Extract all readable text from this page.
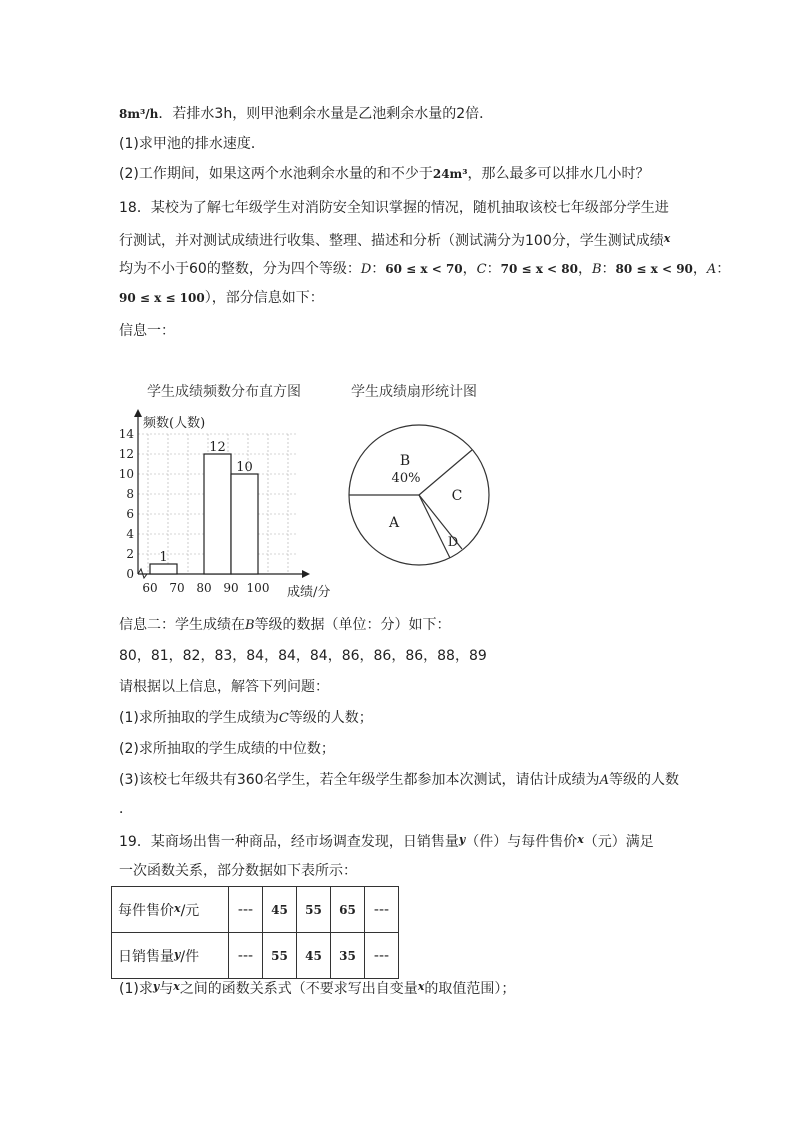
8m³/h．若排水3h，则甲池剩余水量是乙池剩余水量的2倍．
(1)求甲池的排水速度．
(2)工作期间，如果这两个水池剩余水量的和不少于24m³，那么最多可以排水几小时？
18．某校为了解七年级学生对消防安全知识掌握的情况，随机抽取该校七年级部分学生进
行测试，并对测试成绩进行收集、整理、描述和分析（测试满分为100分，学生测试成绩$^x$
均为不小于60的整数，分为四个等级：D：60 ≤ x < 70，C：70 ≤ x < 80，B：80 ≤ x < 90，A：
90 ≤ x ≤ 100），部分信息如下：
信息一：
学生成绩频数分布直方图	学生成绩扇形统计图
0
2
4
6
8
10
12
14
60 70 80 90 100
频数(人数)
成绩/分
1
12
10	B
40%
C
D
A
信息二：学生成绩在B等级的数据（单位：分）如下：
80，81，82，83，84，84，84，86，86，86，88，89
请根据以上信息，解答下列问题：
(1)求所抽取的学生成绩为C等级的人数；
(2)求所抽取的学生成绩的中位数；
(3)该校七年级共有360名学生，若全年级学生都参加本次测试，请估计成绩为A等级的人数
．
19．某商场出售一种商品，经市场调查发现，日销售量$^y$（件）与每件售价$^x$（元）满足
一次函数关系，部分数据如下表所示：
每件售价$^x$/元	---	45	55	65	---
日销售量$^y$/件	---	55	45	35	---
(1)求$^y$与$^x$之间的函数关系式（不要求写出自变量$^x$的取值范围）；
